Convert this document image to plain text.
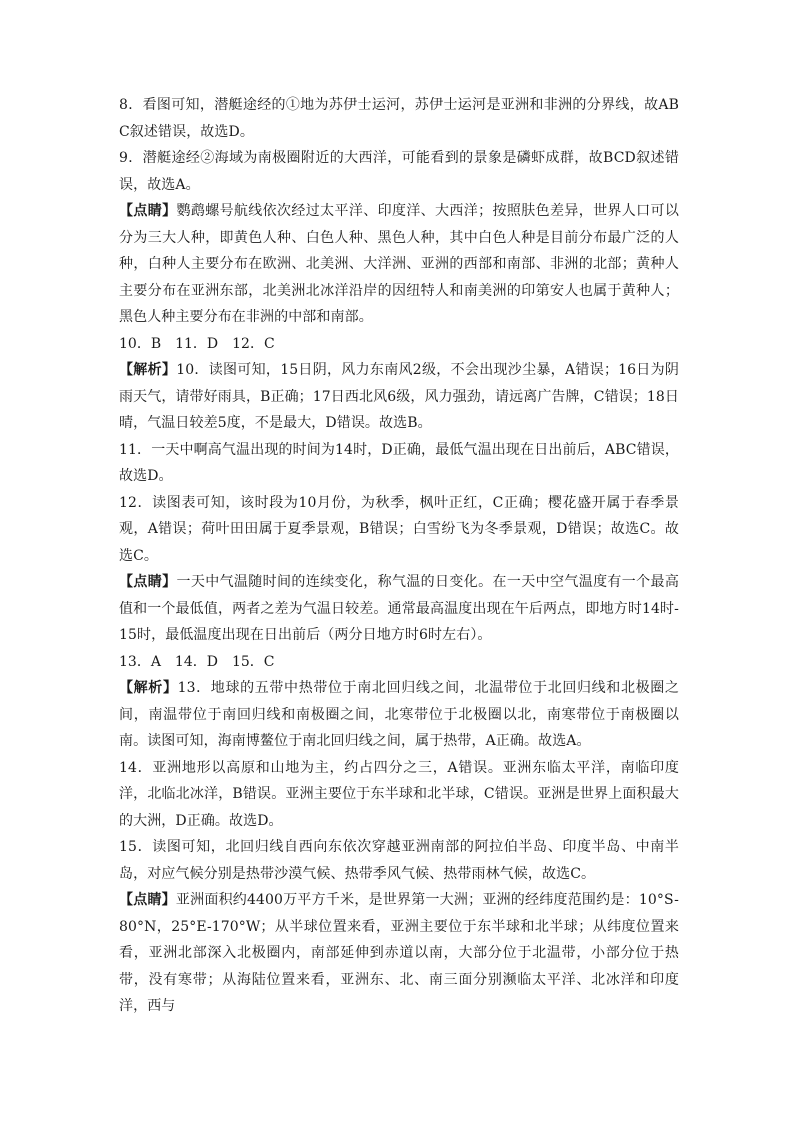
8．看图可知，潜艇途经的①地为苏伊士运河，苏伊士运河是亚洲和非洲的分界线，故ABC叙述错误，故选D。

9．潜艇途经②海域为南极圈附近的大西洋，可能看到的景象是磷虾成群，故BCD叙述错误，故选A。

【点睛】鹦鹉螺号航线依次经过太平洋、印度洋、大西洋；按照肤色差异，世界人口可以分为三大人种，即黄色人种、白色人种、黑色人种，其中白色人种是目前分布最广泛的人种，白种人主要分布在欧洲、北美洲、大洋洲、亚洲的西部和南部、非洲的北部；黄种人主要分布在亚洲东部，北美洲北冰洋沿岸的因纽特人和南美洲的印第安人也属于黄种人；黑色人种主要分布在非洲的中部和南部。

10．B　11．D　12．C

【解析】10．读图可知，15日阴，风力东南风2级，不会出现沙尘暴，A错误；16日为阴雨天气，请带好雨具，B正确；17日西北风6级，风力强劲，请远离广告牌，C错误；18日晴，气温日较差5度，不是最大，D错误。故选B。

11．一天中啊高气温出现的时间为14时，D正确，最低气温出现在日出前后，ABC错误，故选D。

12．读图表可知，该时段为10月份，为秋季，枫叶正红，C正确；樱花盛开属于春季景观，A错误；荷叶田田属于夏季景观，B错误；白雪纷飞为冬季景观，D错误；故选C。故选C。

【点睛】一天中气温随时间的连续变化，称气温的日变化。在一天中空气温度有一个最高值和一个最低值，两者之差为气温日较差。通常最高温度出现在午后两点，即地方时14时-15时，最低温度出现在日出前后（两分日地方时6时左右）。

13．A　14．D　15．C

【解析】13．地球的五带中热带位于南北回归线之间，北温带位于北回归线和北极圈之间，南温带位于南回归线和南极圈之间，北寒带位于北极圈以北，南寒带位于南极圈以南。读图可知，海南博鳌位于南北回归线之间，属于热带，A正确。故选A。

14．亚洲地形以高原和山地为主，约占四分之三，A错误。亚洲东临太平洋，南临印度洋，北临北冰洋，B错误。亚洲主要位于东半球和北半球，C错误。亚洲是世界上面积最大的大洲，D正确。故选D。

15．读图可知，北回归线自西向东依次穿越亚洲南部的阿拉伯半岛、印度半岛、中南半岛，对应气候分别是热带沙漠气候、热带季风气候、热带雨林气候，故选C。

【点睛】亚洲面积约4400万平方千米，是世界第一大洲；亚洲的经纬度范围约是：10°S-80°N，25°E-170°W；从半球位置来看，亚洲主要位于东半球和北半球；从纬度位置来看，亚洲北部深入北极圈内，南部延伸到赤道以南，大部分位于北温带，小部分位于热带，没有寒带；从海陆位置来看，亚洲东、北、南三面分别濒临太平洋、北冰洋和印度洋，西与
